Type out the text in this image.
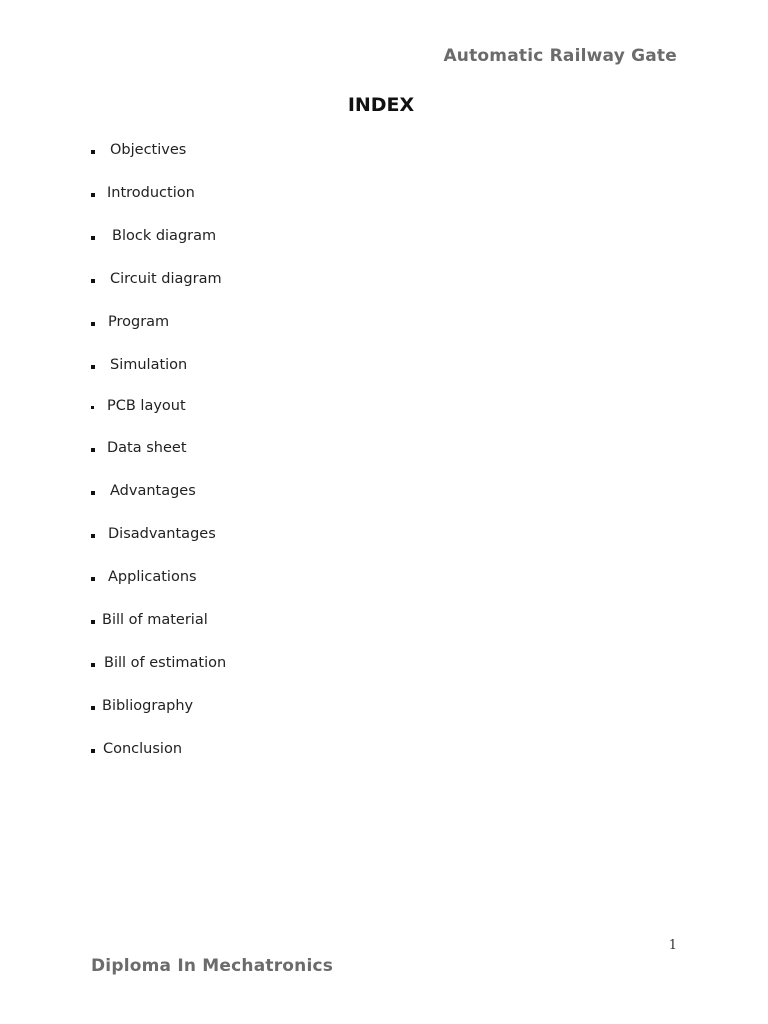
Automatic Railway Gate
INDEX
Objectives
Introduction
Block diagram
Circuit diagram
Program
Simulation
PCB layout
Data sheet
Advantages
Disadvantages
Applications
Bill of material
Bill of estimation
Bibliography
Conclusion
1
Diploma In Mechatronics
